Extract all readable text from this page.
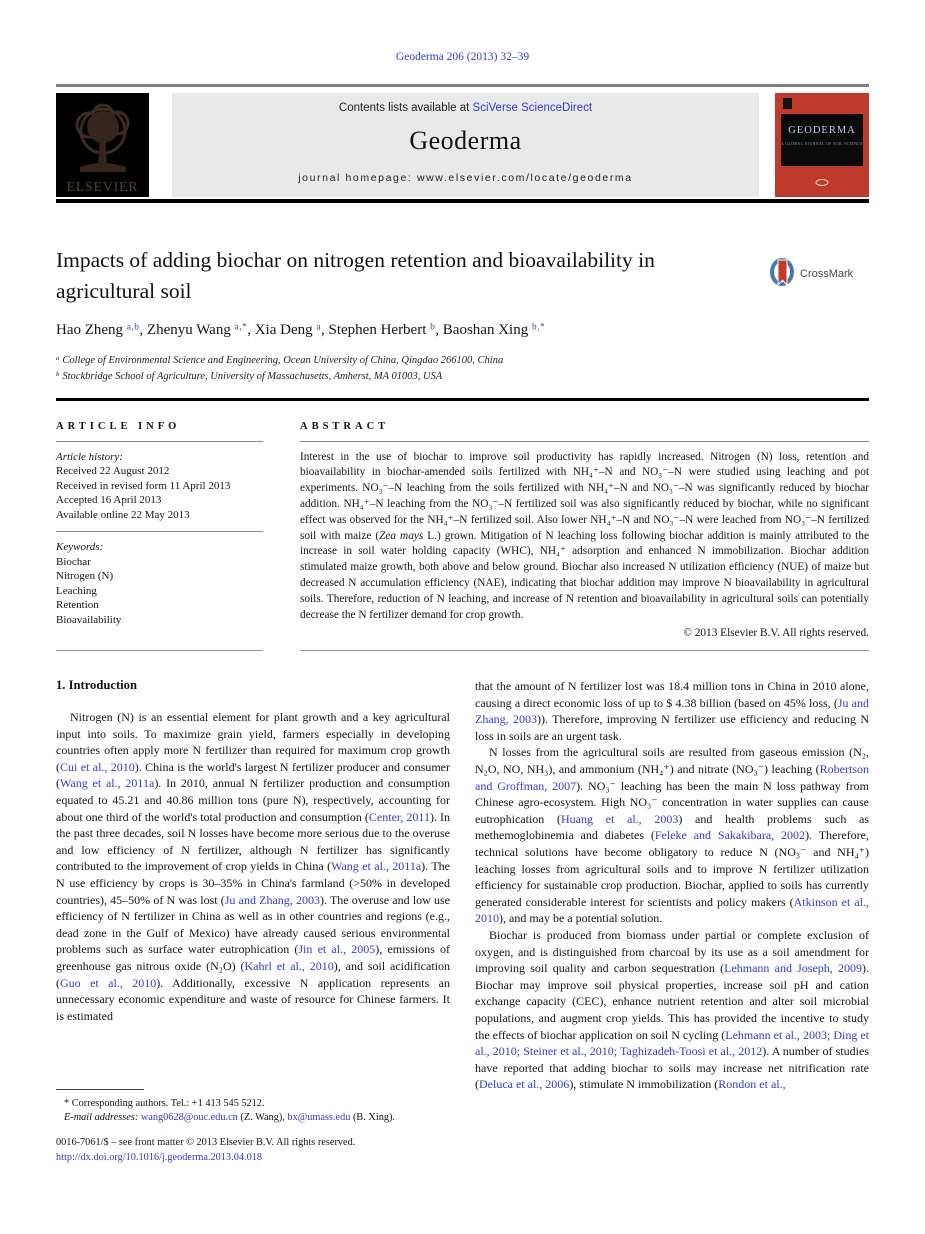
Geoderma 206 (2013) 32–39
ELSEVIER
Contents lists available at SciVerse ScienceDirect
Geoderma
journal homepage: www.elsevier.com/locate/geoderma
GEODERMA
A GLOBAL JOURNAL OF SOIL SCIENCE
Impacts of adding biochar on nitrogen retention and bioavailability in agricultural soil
CrossMark
Hao Zheng $^{a,b}$, Zhenyu Wang $^{a,*}$, Xia Deng $^a$, Stephen Herbert $^b$, Baoshan Xing $^{b,*}$
$^a$ College of Environmental Science and Engineering, Ocean University of China, Qingdao 266100, China
$^b$ Stockbridge School of Agriculture, University of Massachusetts, Amherst, MA 01003, USA
ARTICLE INFO
Article history:
Received 22 August 2012
Received in revised form 11 April 2013
Accepted 16 April 2013
Available online 22 May 2013
Keywords:
Biochar
Nitrogen (N)
Leaching
Retention
Bioavailability
ABSTRACT

Interest in the use of biochar to improve soil productivity has rapidly increased. Nitrogen (N) loss, retention and bioavailability in biochar-amended soils fertilized with NH₄⁺–N and NO₃⁻–N were studied using leaching and pot experiments. NO₃⁻–N leaching from the soils fertilized with NH₄⁺–N and NO₃⁻–N was significantly reduced by biochar addition. NH₄⁺–N leaching from the NO₃⁻–N fertilized soil was also significantly reduced by biochar, while no significant effect was observed for the NH₄⁺–N fertilized soil. Also lower NH₄⁺–N and NO₃⁻–N were leached from NO₃⁻–N fertilized soil with maize (Zea mays L.) grown. Mitigation of N leaching loss following biochar addition is mainly attributed to the increase in soil water holding capacity (WHC), NH₄⁺ adsorption and enhanced N immobilization. Biochar addition stimulated maize growth, both above and below ground. Biochar also increased N utilization efficiency (NUE) of maize but decreased N accumulation efficiency (NAE), indicating that biochar addition may improve N bioavailability in agricultural soils. Therefore, reduction of N leaching, and increase of N retention and bioavailability in agricultural soils can potentially decrease the N fertilizer demand for crop growth.

© 2013 Elsevier B.V. All rights reserved.
1. Introduction

Nitrogen (N) is an essential element for plant growth and a key agricultural input into soils. To maximize grain yield, farmers especially in developing countries often apply more N fertilizer than required for maximum crop growth (Cui et al., 2010). China is the world's largest N fertilizer producer and consumer (Wang et al., 2011a). In 2010, annual N fertilizer production and consumption equated to 45.21 and 40.86 million tons (pure N), respectively, accounting for about one third of the world's total production and consumption (Center, 2011). In the past three decades, soil N losses have become more serious due to the overuse and low efficiency of N fertilizer, although N fertilizer has significantly contributed to the improvement of crop yields in China (Wang et al., 2011a). The N use efficiency by crops is 30–35% in China's farmland (>50% in developed countries), 45–50% of N was lost (Ju and Zhang, 2003). The overuse and low use efficiency of N fertilizer in China as well as in other countries and regions (e.g., dead zone in the Gulf of Mexico) have already caused serious environmental problems such as surface water eutrophication (Jin et al., 2005), emissions of greenhouse gas nitrous oxide (N₂O) (Kahrl et al., 2010), and soil acidification (Guo et al., 2010). Additionally, excessive N application represents an unnecessary economic expenditure and waste of resource for Chinese farmers. It is estimated

* Corresponding authors. Tel.: +1 413 545 5212.
E-mail addresses: wang0628@ouc.edu.cn (Z. Wang), bx@umass.edu (B. Xing).

that the amount of N fertilizer lost was 18.4 million tons in China in 2010 alone, causing a direct economic loss of up to $ 4.38 billion (based on 45% loss, (Ju and Zhang, 2003)). Therefore, improving N fertilizer use efficiency and reducing N loss in soils are an urgent task.

N losses from the agricultural soils are resulted from gaseous emission (N₂, N₂O, NO, NH₃), and ammonium (NH₄⁺) and nitrate (NO₃⁻) leaching (Robertson and Groffman, 2007). NO₃⁻ leaching has been the main N loss pathway from Chinese agro-ecosystem. High NO₃⁻ concentration in water supplies can cause eutrophication (Huang et al., 2003) and health problems such as methemoglobinemia and diabetes (Feleke and Sakakibara, 2002). Therefore, technical solutions have become obligatory to reduce N (NO₃⁻ and NH₄⁺) leaching losses from agricultural soils and to improve N fertilizer utilization efficiency for sustainable crop production. Biochar, applied to soils has currently generated considerable interest for scientists and policy makers (Atkinson et al., 2010), and may be a potential solution.

Biochar is produced from biomass under partial or complete exclusion of oxygen, and is distinguished from charcoal by its use as a soil amendment for improving soil quality and carbon sequestration (Lehmann and Joseph, 2009). Biochar may improve soil physical properties, increase soil pH and cation exchange capacity (CEC), enhance nutrient retention and alter soil microbial populations, and augment crop yields. This has provided the incentive to study the effects of biochar application on soil N cycling (Lehmann et al., 2003; Ding et al., 2010; Steiner et al., 2010; Taghizadeh-Toosi et al., 2012). A number of studies have reported that adding biochar to soils may increase net nitrification rate (Deluca et al., 2006), stimulate N immobilization (Rondon et al.,

0016-7061/$ – see front matter © 2013 Elsevier B.V. All rights reserved.
http://dx.doi.org/10.1016/j.geoderma.2013.04.018
